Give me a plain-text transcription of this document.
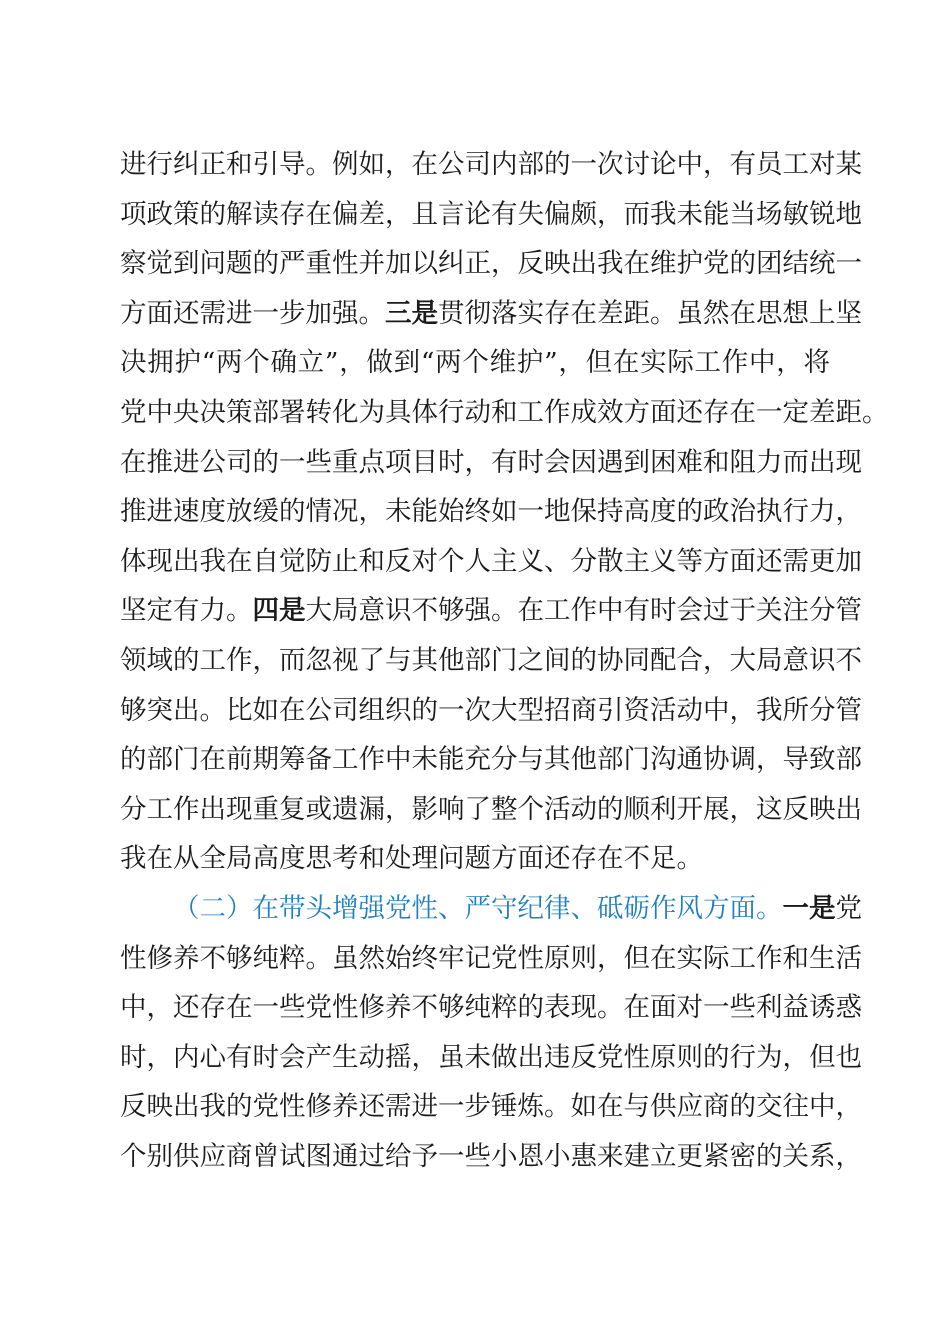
进行纠正和引导。例如，在公司内部的一次讨论中，有员工对某
项政策的解读存在偏差，且言论有失偏颇，而我未能当场敏锐地
察觉到问题的严重性并加以纠正，反映出我在维护党的团结统一
方面还需进一步加强。三是贯彻落实存在差距。虽然在思想上坚
决拥护“两个确立”，做到“两个维护”，但在实际工作中，将
党中央决策部署转化为具体行动和工作成效方面还存在一定差距。
在推进公司的一些重点项目时，有时会因遇到困难和阻力而出现
推进速度放缓的情况，未能始终如一地保持高度的政治执行力，
体现出我在自觉防止和反对个人主义、分散主义等方面还需更加
坚定有力。四是大局意识不够强。在工作中有时会过于关注分管
领域的工作，而忽视了与其他部门之间的协同配合，大局意识不
够突出。比如在公司组织的一次大型招商引资活动中，我所分管
的部门在前期筹备工作中未能充分与其他部门沟通协调，导致部
分工作出现重复或遗漏，影响了整个活动的顺利开展，这反映出
我在从全局高度思考和处理问题方面还存在不足。
（二）在带头增强党性、严守纪律、砥砺作风方面。一是党
性修养不够纯粹。虽然始终牢记党性原则，但在实际工作和生活
中，还存在一些党性修养不够纯粹的表现。在面对一些利益诱惑
时，内心有时会产生动摇，虽未做出违反党性原则的行为，但也
反映出我的党性修养还需进一步锤炼。如在与供应商的交往中，
个别供应商曾试图通过给予一些小恩小惠来建立更紧密的关系，
